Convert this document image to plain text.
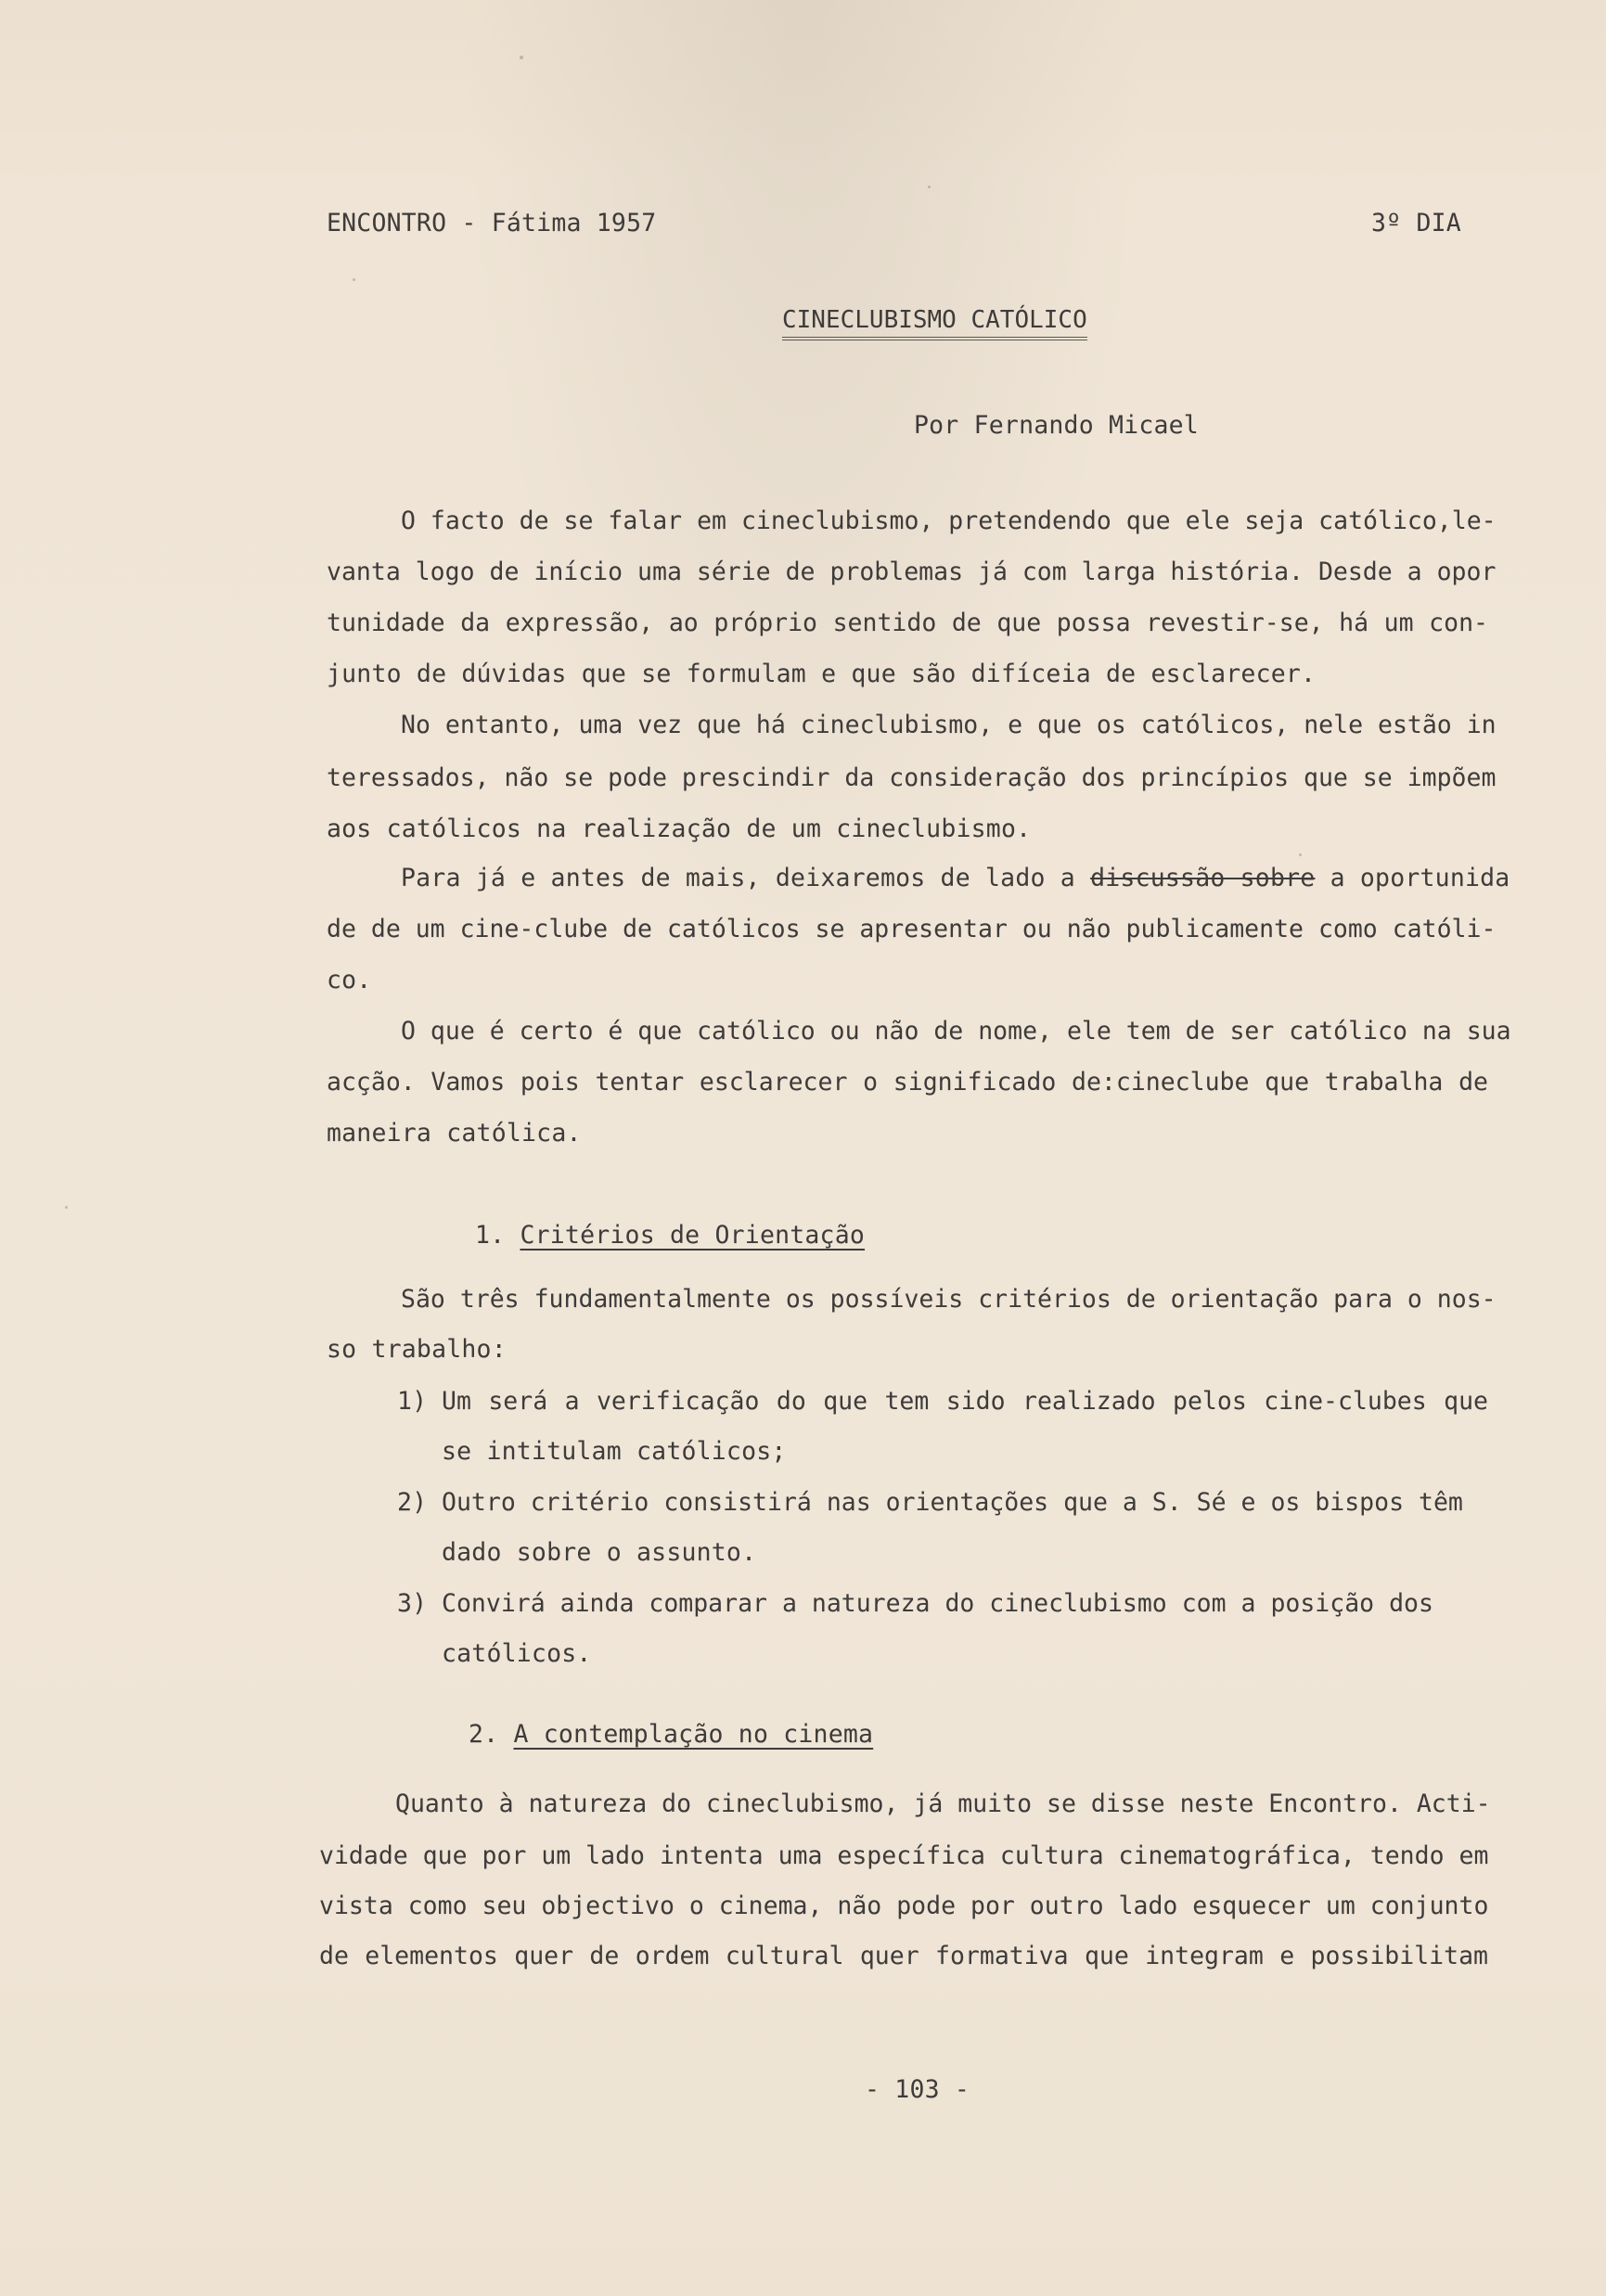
ENCONTRO - Fátima 1957	3º DIA
CINECLUBISMO CATÓLICO
Por Fernando Micael
O facto de se falar em cineclubismo, pretendendo que ele seja católico,le-
vanta logo de início uma série de problemas já com larga história. Desde a opor
tunidade da expressão, ao próprio sentido de que possa revestir-se, há um con-
junto de dúvidas que se formulam e que são difíceia de esclarecer.
No entanto, uma vez que há cineclubismo, e que os católicos, nele estão in
teressados, não se pode prescindir da consideração dos princípios que se impõem
aos católicos na realização de um cineclubismo.
Para já e antes de mais, deixaremos de lado a discussão sobre a oportunida
de de um cine-clube de católicos se apresentar ou não publicamente como católi-
co.
O que é certo é que católico ou não de nome, ele tem de ser católico na sua
acção. Vamos pois tentar esclarecer o significado de:cineclube que trabalha de
maneira católica.
1. Critérios de Orientação
São três fundamentalmente os possíveis critérios de orientação para o nos-
so trabalho:
1) Um será a verificação do que tem sido realizado pelos cine-clubes que
se intitulam católicos;
2) Outro critério consistirá nas orientações que a S. Sé e os bispos têm
dado sobre o assunto.
3) Convirá ainda comparar a natureza do cineclubismo com a posição dos
católicos.
2. A contemplação no cinema
Quanto à natureza do cineclubismo, já muito se disse neste Encontro. Acti-
vidade que por um lado intenta uma específica cultura cinematográfica, tendo em
vista como seu objectivo o cinema, não pode por outro lado esquecer um conjunto
de elementos quer de ordem cultural quer formativa que integram e possibilitam
- 103 -
